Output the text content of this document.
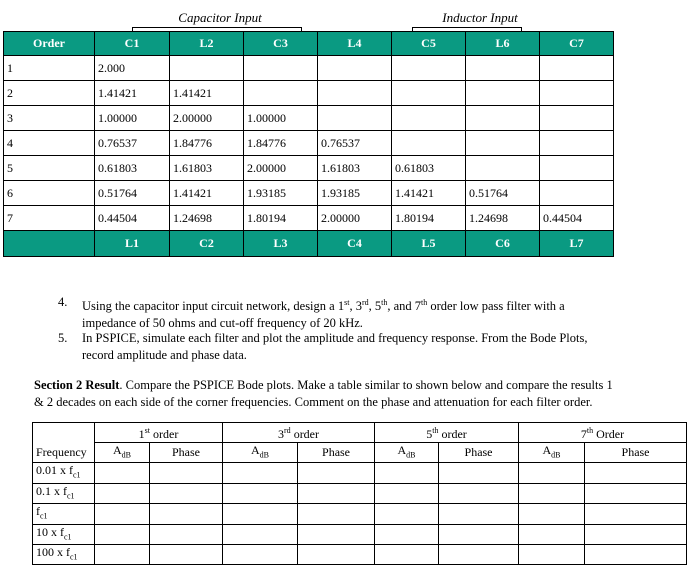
Capacitor Input	Inductor Input
Order	C1	L2	C3	L4	C5	L6	C7
1	2.000						
2	1.41421	1.41421					
3	1.00000	2.00000	1.00000				
4	0.76537	1.84776	1.84776	0.76537			
5	0.61803	1.61803	2.00000	1.61803	0.61803		
6	0.51764	1.41421	1.93185	1.93185	1.41421	0.51764	
7	0.44504	1.24698	1.80194	2.00000	1.80194	1.24698	0.44504
	L1	C2	L3	C4	L5	C6	L7
4. Using the capacitor input circuit network, design a 1st, 3rd, 5th, and 7th order low pass filter with a
impedance of 50 ohms and cut-off frequency of 20 kHz.
5. In PSPICE, simulate each filter and plot the amplitude and frequency response. From the Bode Plots,
record amplitude and phase data.
Section 2 Result. Compare the PSPICE Bode plots. Make a table similar to shown below and compare the results 1
& 2 decades on each side of the corner frequencies. Comment on the phase and attenuation for each filter order.
	1st order		3rd order		5th order		7th Order	
Frequency	$A_{dB}$	Phase	$A_{dB}$	Phase	$A_{dB}$	Phase	$A_{dB}$	Phase
0.01 x $f_{c1}$								
0.1 x $f_{c1}$								
$f_{c1}$								
10 x $f_{c1}$								
100 x $f_{c1}$								
